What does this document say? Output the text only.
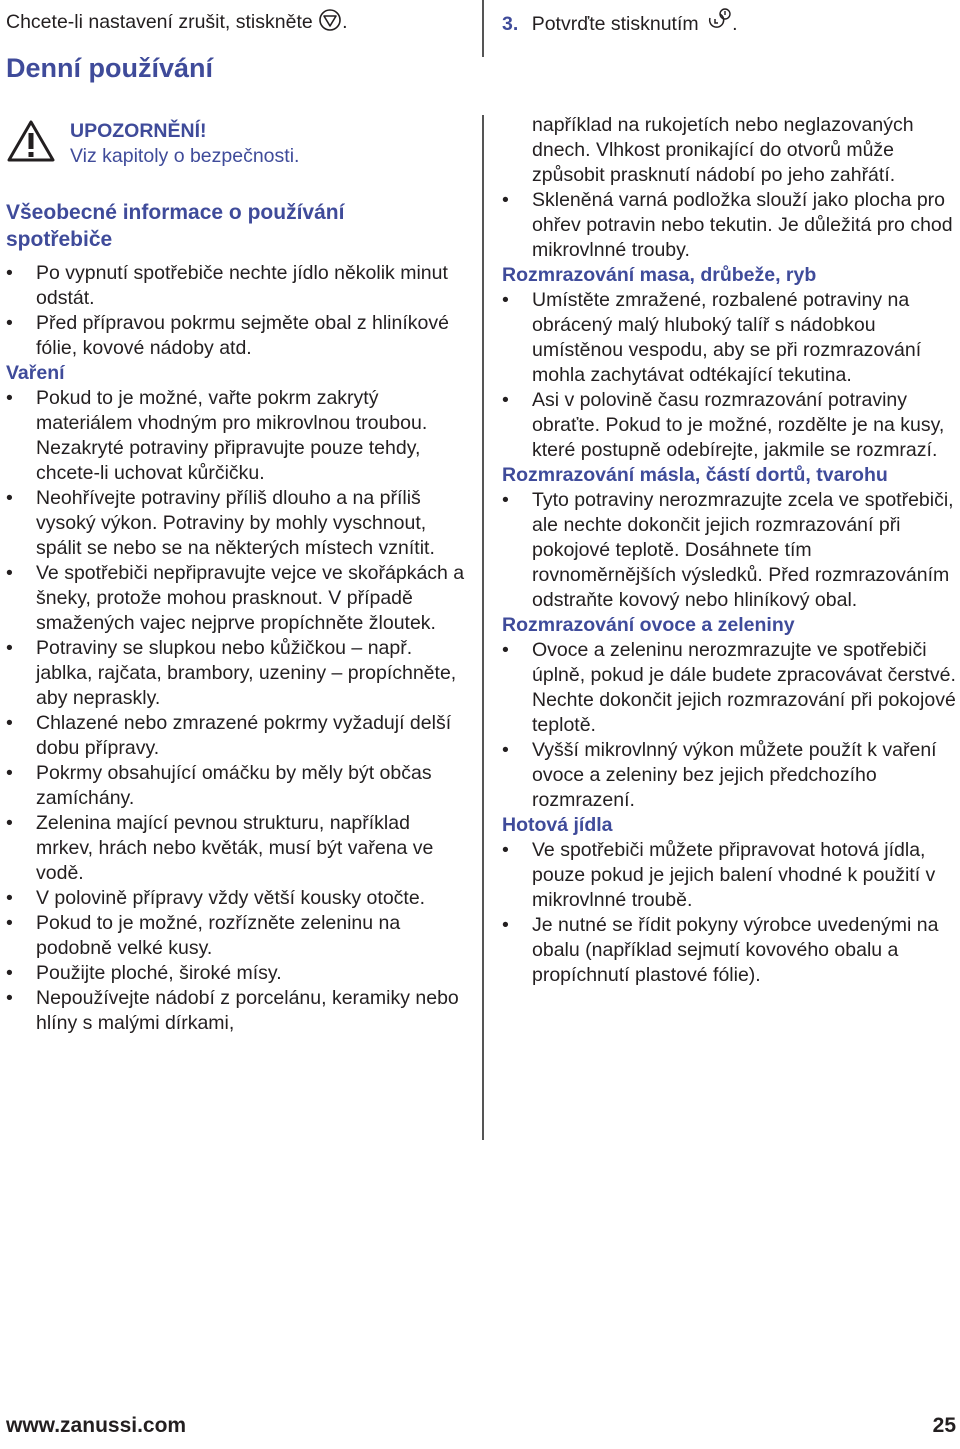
Chcete-li nastavení zrušit, stiskněte .	3. Potvrďte stisknutím .
Denní používání

UPOZORNĚNÍ!

Viz kapitoly o bezpečnosti.

Všeobecné informace o používání spotřebiče
• Po vypnutí spotřebiče nechte jídlo několik minut odstát.
• Před přípravou pokrmu sejměte obal z hliníkové fólie, kovové nádoby atd.

Vaření

• Pokud to je možné, vařte pokrm zakrytý materiálem vhodným pro mikrovlnou troubou. Nezakryté potraviny připravujte pouze tehdy, chcete-li uchovat kůrčičku.
• Neohřívejte potraviny příliš dlouho a na příliš vysoký výkon. Potraviny by mohly vyschnout, spálit se nebo se na některých místech vznítit.
• Ve spotřebiči nepřipravujte vejce ve skořápkách a šneky, protože mohou prasknout. V případě smažených vajec nejprve propíchněte žloutek.
• Potraviny se slupkou nebo kůžičkou – např. jablka, rajčata, brambory, uzeniny – propíchněte, aby nepraskly.
• Chlazené nebo zmrazené pokrmy vyžadují delší dobu přípravy.
• Pokrmy obsahující omáčku by měly být občas zamíchány.
• Zelenina mající pevnou strukturu, například mrkev, hrách nebo květák, musí být vařena ve vodě.
• V polovině přípravy vždy větší kousky otočte.
• Pokud to je možné, rozřízněte zeleninu na podobně velké kusy.
• Použijte ploché, široké mísy.
• Nepoužívejte nádobí z porcelánu, keramiky nebo hlíny s malými dírkami,

například na rukojetích nebo neglazovaných dnech. Vlhkost pronikající do otvorů může způsobit prasknutí nádobí po jeho zahřátí.

• Skleněná varná podložka slouží jako plocha pro ohřev potravin nebo tekutin. Je důležitá pro chod mikrovlnné trouby.

Rozmrazování masa, drůbeže, ryb

• Umístěte zmražené, rozbalené potraviny na obrácený malý hluboký talíř s nádobkou umístěnou vespodu, aby se při rozmrazování mohla zachytávat odtékající tekutina.
• Asi v polovině času rozmrazování potraviny obraťte. Pokud to je možné, rozdělte je na kusy, které postupně odebírejte, jakmile se rozmrazí.

Rozmrazování másla, částí dortů, tvarohu

• Tyto potraviny nerozmrazujte zcela ve spotřebiči, ale nechte dokončit jejich rozmrazování při pokojové teplotě. Dosáhnete tím rovnoměrnějších výsledků. Před rozmrazováním odstraňte kovový nebo hliníkový obal.

Rozmrazování ovoce a zeleniny

• Ovoce a zeleninu nerozmrazujte ve spotřebiči úplně, pokud je dále budete zpracovávat čerstvé. Nechte dokončit jejich rozmrazování při pokojové teplotě.
• Vyšší mikrovlnný výkon můžete použít k vaření ovoce a zeleniny bez jejich předchozího rozmrazení.

Hotová jídla

• Ve spotřebiči můžete připravovat hotová jídla, pouze pokud je jejich balení vhodné k použití v mikrovlnné troubě.
• Je nutné se řídit pokyny výrobce uvedenými na obalu (například sejmutí kovového obalu a propíchnutí plastové fólie).
www.zanussi.com	25
